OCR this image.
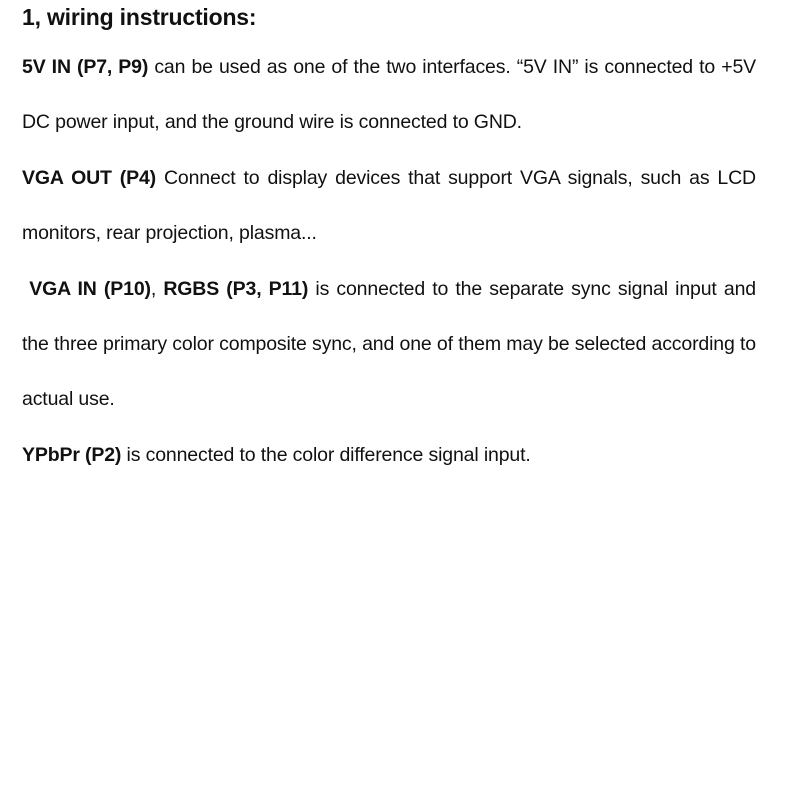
1, wiring instructions:

5V IN (P7, P9) can be used as one of the two interfaces. “5V IN” is connected to +5V DC power input, and the ground wire is connected to GND.

VGA OUT (P4) Connect to display devices that support VGA signals, such as LCD monitors, rear projection, plasma...

VGA IN (P10), RGBS (P3, P11) is connected to the separate sync signal input and the three primary color composite sync, and one of them may be selected according to actual use.

YPbPr (P2) is connected to the color difference signal input.
